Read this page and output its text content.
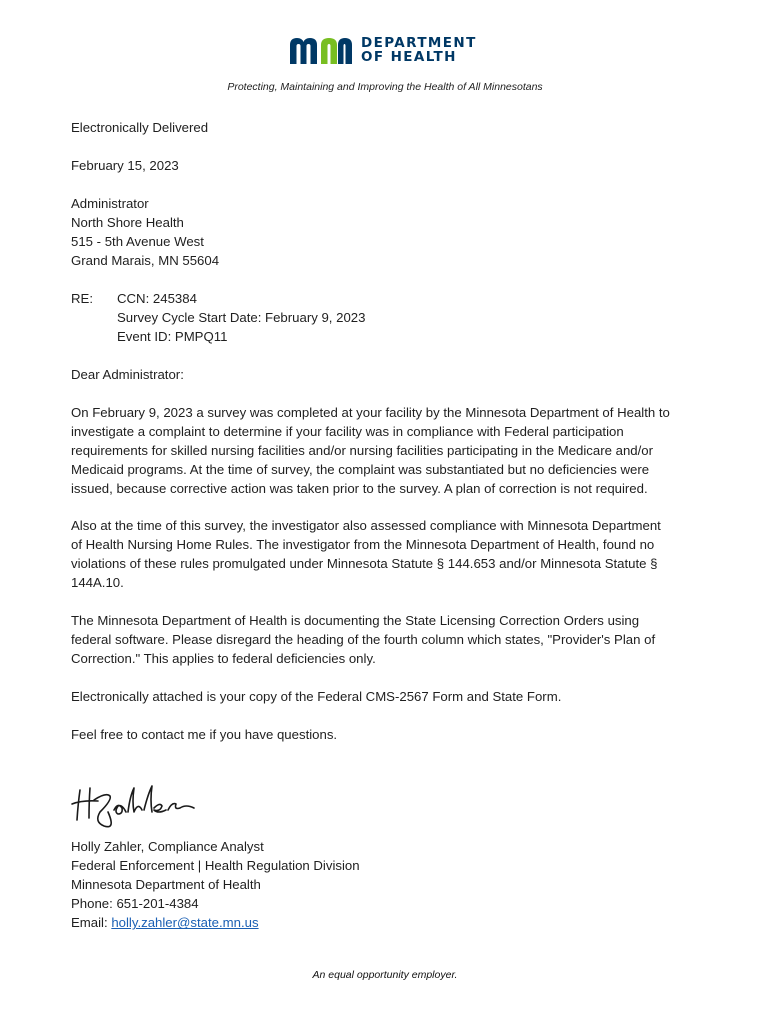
DEPARTMENT
OF HEALTH
Protecting, Maintaining and Improving the Health of All Minnesotans
Electronically Delivered
February 15, 2023
Administrator
North Shore Health
515 - 5th Avenue West
Grand Marais, MN 55604
RE: CCN: 245384
Survey Cycle Start Date: February 9, 2023
Event ID: PMPQ11
Dear Administrator:
On February 9, 2023 a survey was completed at your facility by the Minnesota Department of Health to
investigate a complaint to determine if your facility was in compliance with Federal participation
requirements for skilled nursing facilities and/or nursing facilities participating in the Medicare and/or
Medicaid programs. At the time of survey, the complaint was substantiated but no deficiencies were
issued, because corrective action was taken prior to the survey. A plan of correction is not required.
Also at the time of this survey, the investigator also assessed compliance with Minnesota Department
of Health Nursing Home Rules. The investigator from the Minnesota Department of Health, found no
violations of these rules promulgated under Minnesota Statute § 144.653 and/or Minnesota Statute §
144A.10.
The Minnesota Department of Health is documenting the State Licensing Correction Orders using
federal software. Please disregard the heading of the fourth column which states, "Provider's Plan of
Correction." This applies to federal deficiencies only.
Electronically attached is your copy of the Federal CMS-2567 Form and State Form.
Feel free to contact me if you have questions.
Holly Zahler, Compliance Analyst
Federal Enforcement | Health Regulation Division
Minnesota Department of Health
Phone: 651-201-4384
Email: holly.zahler@state.mn.us
An equal opportunity employer.
